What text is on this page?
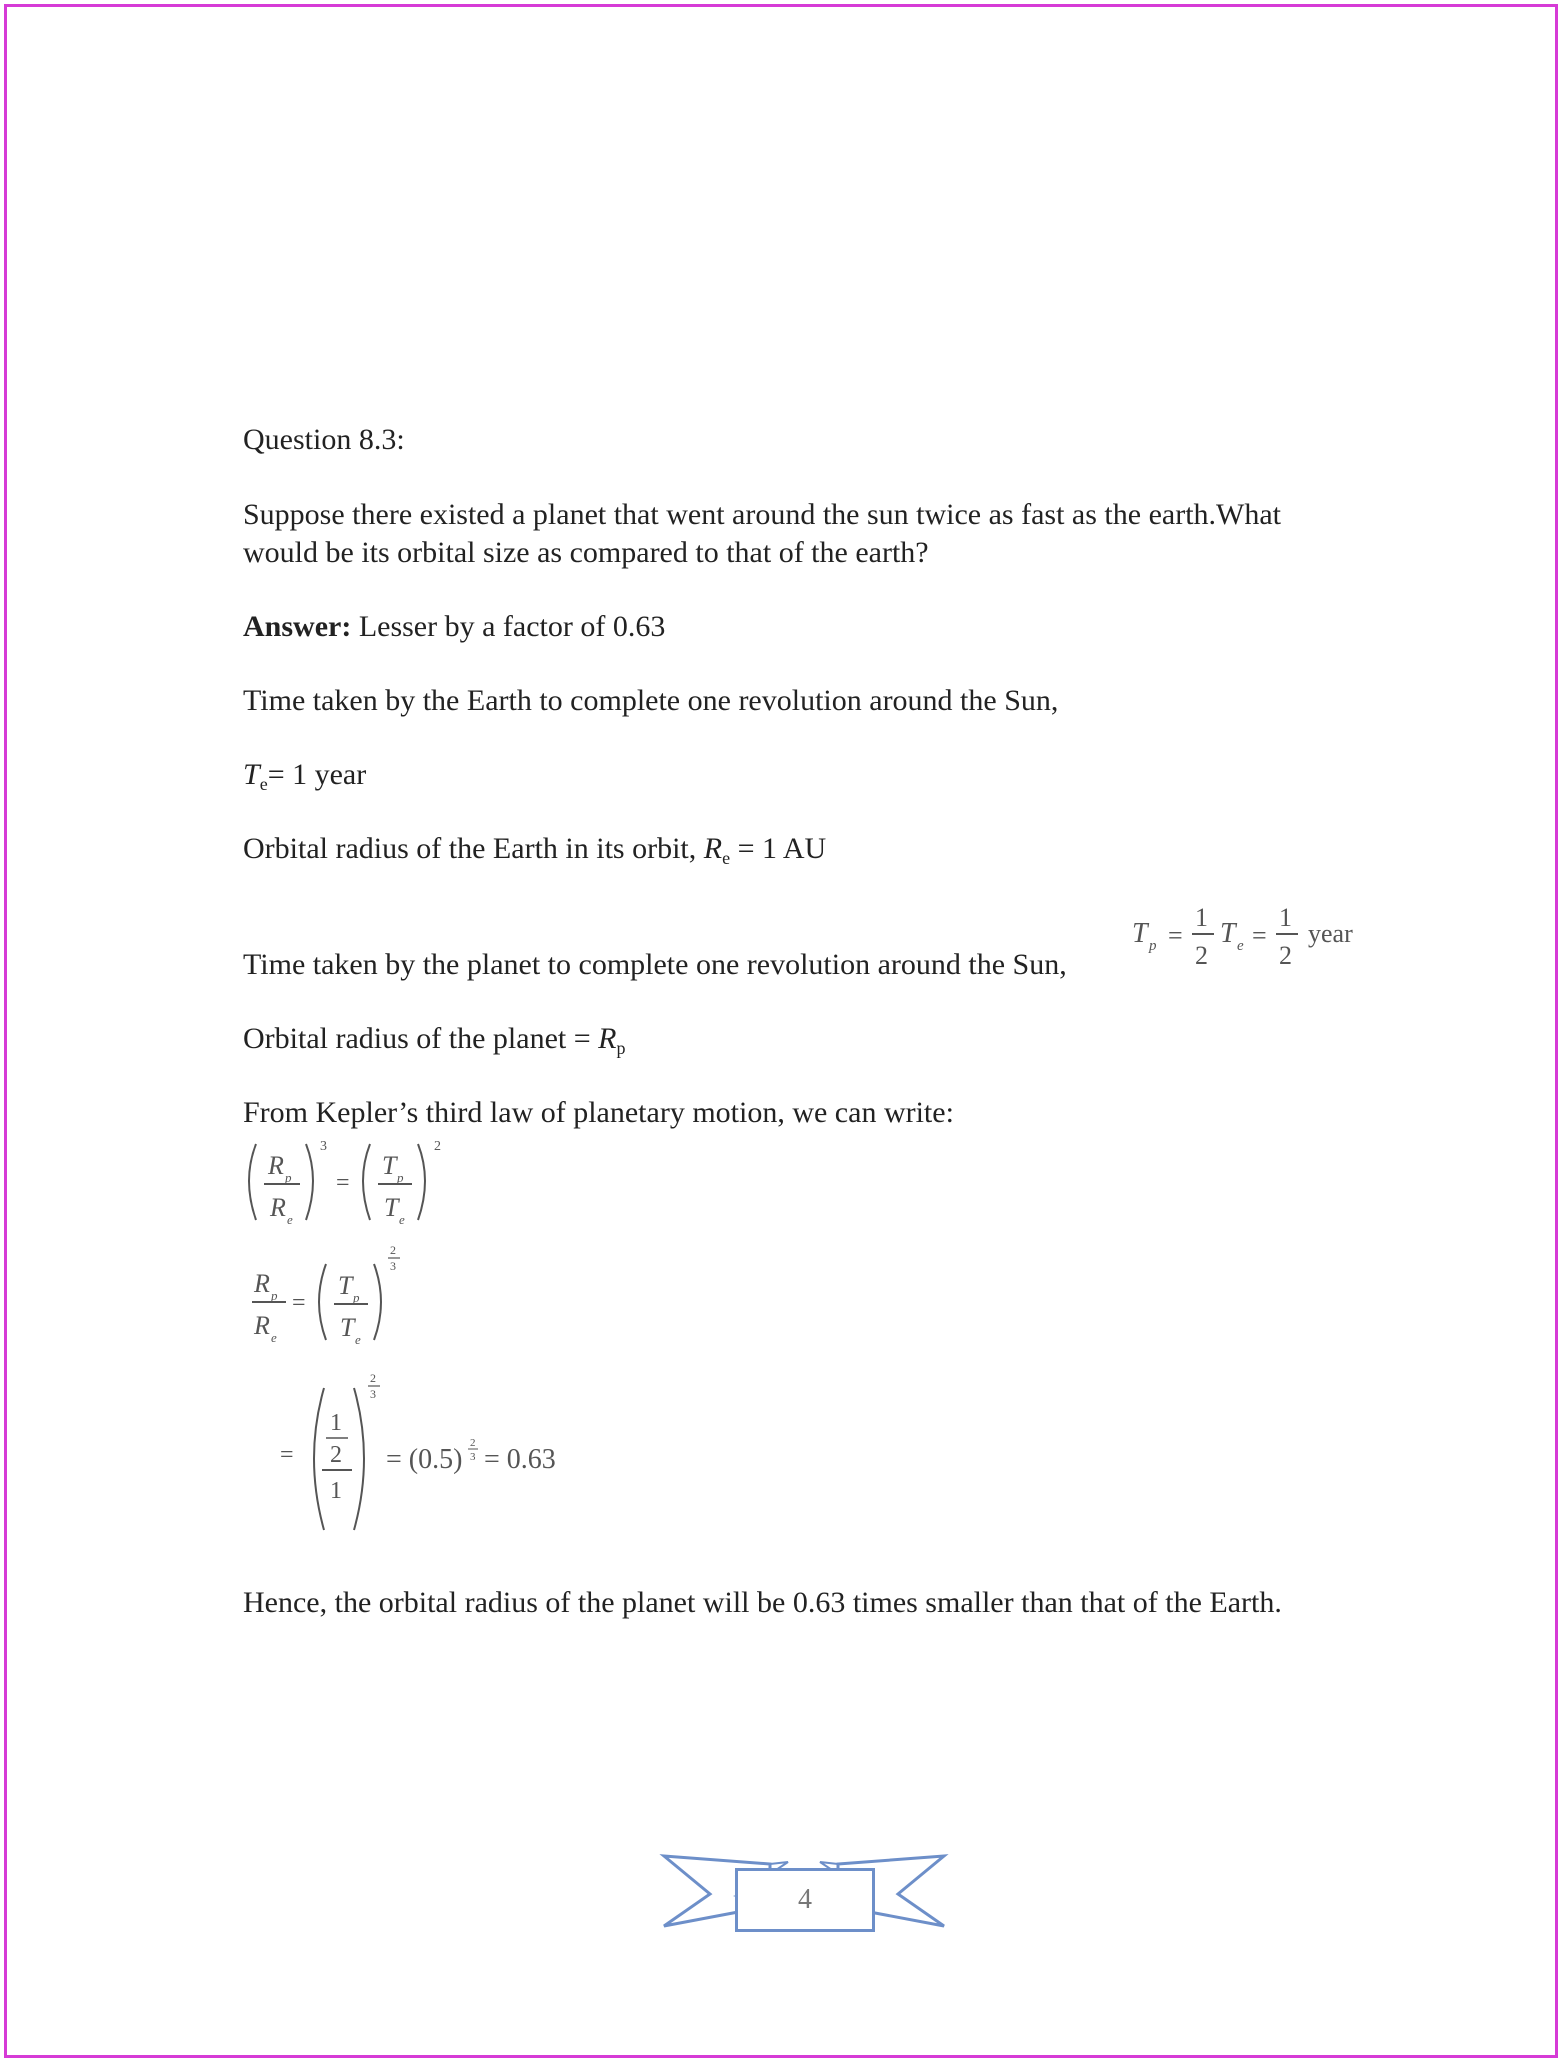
Question 8.3:
Suppose there existed a planet that went around the sun twice as fast as the earth.What
would be its orbital size as compared to that of the earth?
Answer: Lesser by a factor of 0.63
Time taken by the Earth to complete one revolution around the Sun,
$T_e= 1$ year
Orbital radius of the Earth in its orbit, $R_e = 1$ AU
Time taken by the planet to complete one revolution around the Sun,
T p =
1
2
T e =
1
2
year
Orbital radius of the planet = $R_p$
From Kepler’s third law of planetary motion, we can write:
R p
R e
3
=
T p
T e
2
R p
R e
=
T p
T e
2
3
=
1
2
1
2
3
= (0.5)
2
3 = 0.63
Hence, the orbital radius of the planet will be 0.63 times smaller than that of the Earth.
4
